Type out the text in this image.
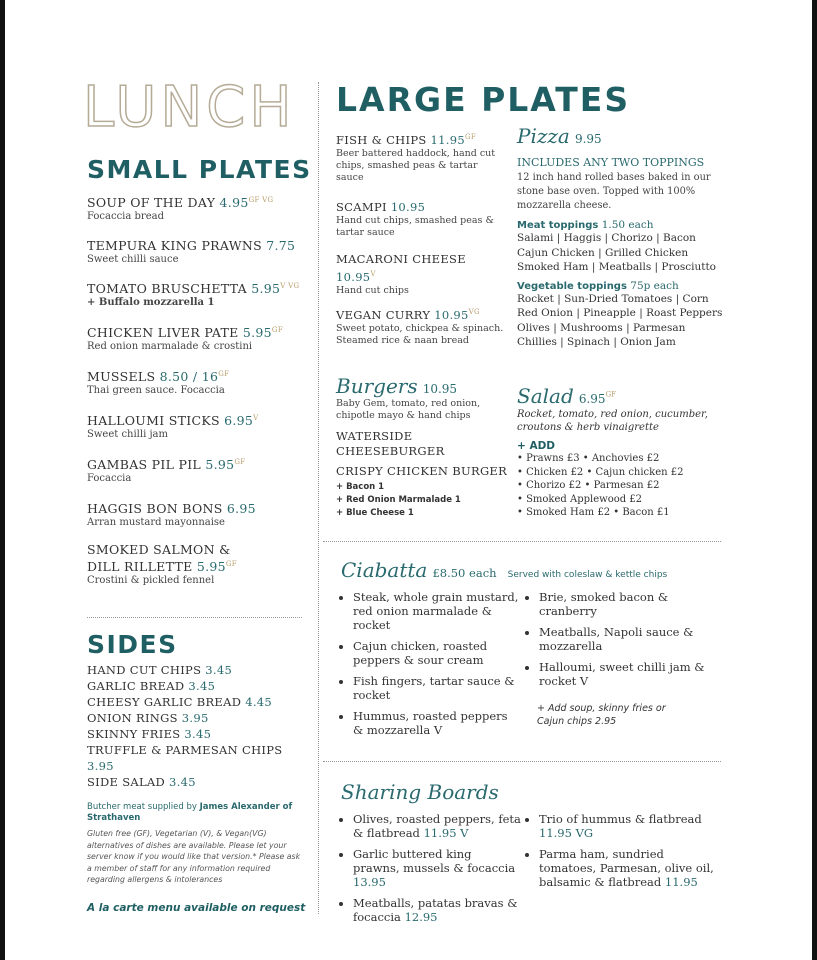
LUNCH
SMALL PLATES
SOUP OF THE DAY $4.95^{GF VG}$
Focaccia bread
TEMPURA KING PRAWNS 7.75
Sweet chilli sauce
TOMATO BRUSCHETTA $5.95^{V VG}$
+ Buffalo mozzarella 1
CHICKEN LIVER PATE $5.95^{GF}$
Red onion marmalade & crostini
MUSSELS $8.50 / 16^{GF}$
Thai green sauce. Focaccia
HALLOUMI STICKS $6.95^V$
Sweet chilli jam
GAMBAS PIL PIL $5.95^{GF}$
Focaccia
HAGGIS BON BONS 6.95
Arran mustard mayonnaise
SMOKED SALMON & DILL RILLETTE $5.95^{GF}$
Crostini & pickled fennel
SIDES
HAND CUT CHIPS 3.45
GARLIC BREAD 3.45
CHEESY GARLIC BREAD 4.45
ONION RINGS 3.95
SKINNY FRIES 3.45
TRUFFLE & PARMESAN CHIPS 3.95
SIDE SALAD 3.45
Butcher meat supplied by James Alexander of Strathaven
Gluten free (GF), Vegetarian (V), & Vegan(VG) alternatives of dishes are available. Please let your server know if you would like that version.* Please ask a member of staff for any information required regarding allergens & intolerances
A la carte menu available on request
LARGE PLATES
FISH & CHIPS $11.95^{GF}$
Beer battered haddock, hand cut chips, smashed peas & tartar sauce
SCAMPI 10.95
Hand cut chips, smashed peas & tartar sauce
MACARONI CHEESE
$10.95^V$
Hand cut chips
VEGAN CURRY $10.95^{VG}$
Sweet potato, chickpea & spinach. Steamed rice & naan bread
Burgers 10.95
Baby Gem, tomato, red onion, chipotle mayo & hand chips
WATERSIDE CHEESEBURGER
CRISPY CHICKEN BURGER
+ Bacon 1
+ Red Onion Marmalade 1
+ Blue Cheese 1
Pizza 9.95
INCLUDES ANY TWO TOPPINGS
12 inch hand rolled bases baked in our stone base oven. Topped with 100% mozzarella cheese.
Meat toppings 1.50 each
Salami | Haggis | Chorizo | Bacon
Cajun Chicken | Grilled Chicken
Smoked Ham | Meatballs | Prosciutto
Vegetable toppings 75p each
Rocket | Sun-Dried Tomatoes | Corn
Red Onion | Pineapple | Roast Peppers
Olives | Mushrooms | Parmesan
Chillies | Spinach | Onion Jam
Salad $6.95^{GF}$
Rocket, tomato, red onion, cucumber, croutons & herb vinaigrette
+ ADD
• Prawns £3 • Anchovies £2
• Chicken £2 • Cajun chicken £2
• Chorizo £2 • Parmesan £2
• Smoked Applewood £2
• Smoked Ham £2 • Bacon £1
Ciabatta £8.50 each Served with coleslaw & kettle chips
• Steak, whole grain mustard, red onion marmalade & rocket
• Cajun chicken, roasted peppers & sour cream
• Fish fingers, tartar sauce & rocket
• Hummus, roasted peppers & mozzarella V
• Brie, smoked bacon & cranberry
• Meatballs, Napoli sauce & mozzarella
• Halloumi, sweet chilli jam & rocket V
+ Add soup, skinny fries or Cajun chips 2.95
Sharing Boards
• Olives, roasted peppers, feta & flatbread 11.95 V
• Garlic buttered king prawns, mussels & focaccia 13.95
• Meatballs, patatas bravas & focaccia 12.95
• Trio of hummus & flatbread 11.95 VG
• Parma ham, sundried tomatoes, Parmesan, olive oil, balsamic & flatbread 11.95
